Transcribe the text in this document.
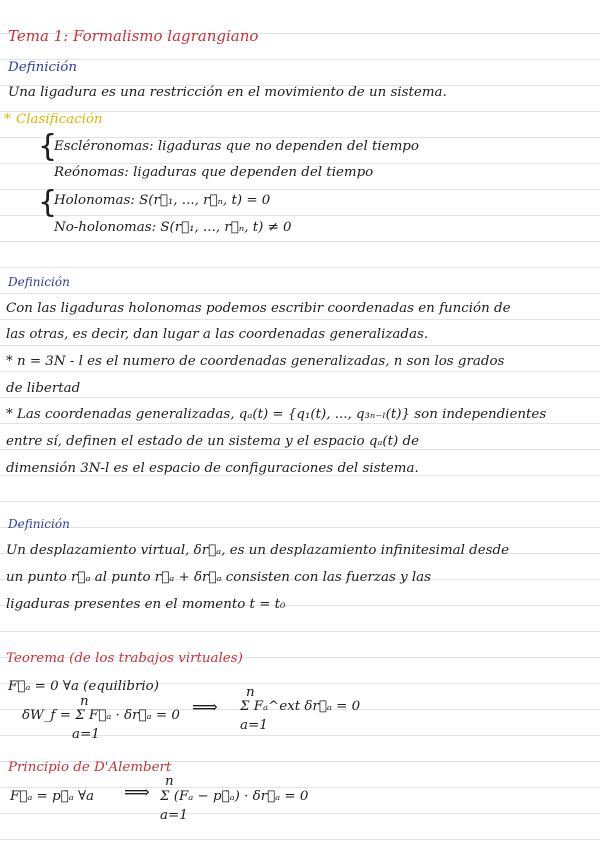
Tema 1: Formalismo lagrangiano
Definición
Una ligadura es una restricción en el movimiento de un sistema.
* Clasificación
{
Escléronomas: ligaduras que no dependen del tiempo
Reónomas: ligaduras que dependen del tiempo
{
Holonomas: S(r⃗₁, ..., r⃗ₙ, t) = 0
No-holonomas: S(r⃗₁, ..., r⃗ₙ, t) ≠ 0
Definición
Con las ligaduras holonomas podemos escribir coordenadas en función de
las otras, es decir, dan lugar a las coordenadas generalizadas.
* n = 3N - l es el numero de coordenadas generalizadas, n son los grados
de libertad
* Las coordenadas generalizadas, qₐ(t) = {q₁(t), ..., q₃ₙ₋ₗ(t)} son independientes
entre sí, definen el estado de un sistema y el espacio qₐ(t) de
dimensión 3N-l es el espacio de configuraciones del sistema.
Definición
Un desplazamiento virtual, δr⃗ₐ, es un desplazamiento infinitesimal desde
un punto r⃗ₐ al punto r⃗ₐ + δr⃗ₐ consisten con las fuerzas y las
ligaduras presentes en el momento t = t₀
Teorema (de los trabajos virtuales)
F⃗ₐ = 0 ∀a (equilibrio)
n
δW_f = Σ F⃗ₐ · δr⃗ₐ = 0
a=1
⟹
n
Σ Fₐ^ext δr⃗ₐ = 0
a=1
Principio de D'Alembert
F⃗ₐ = p⃗̇ₐ ∀a ⟹
n
Σ (Fₐ − p⃗̇ₐ) · δr⃗ₐ = 0
a=1
